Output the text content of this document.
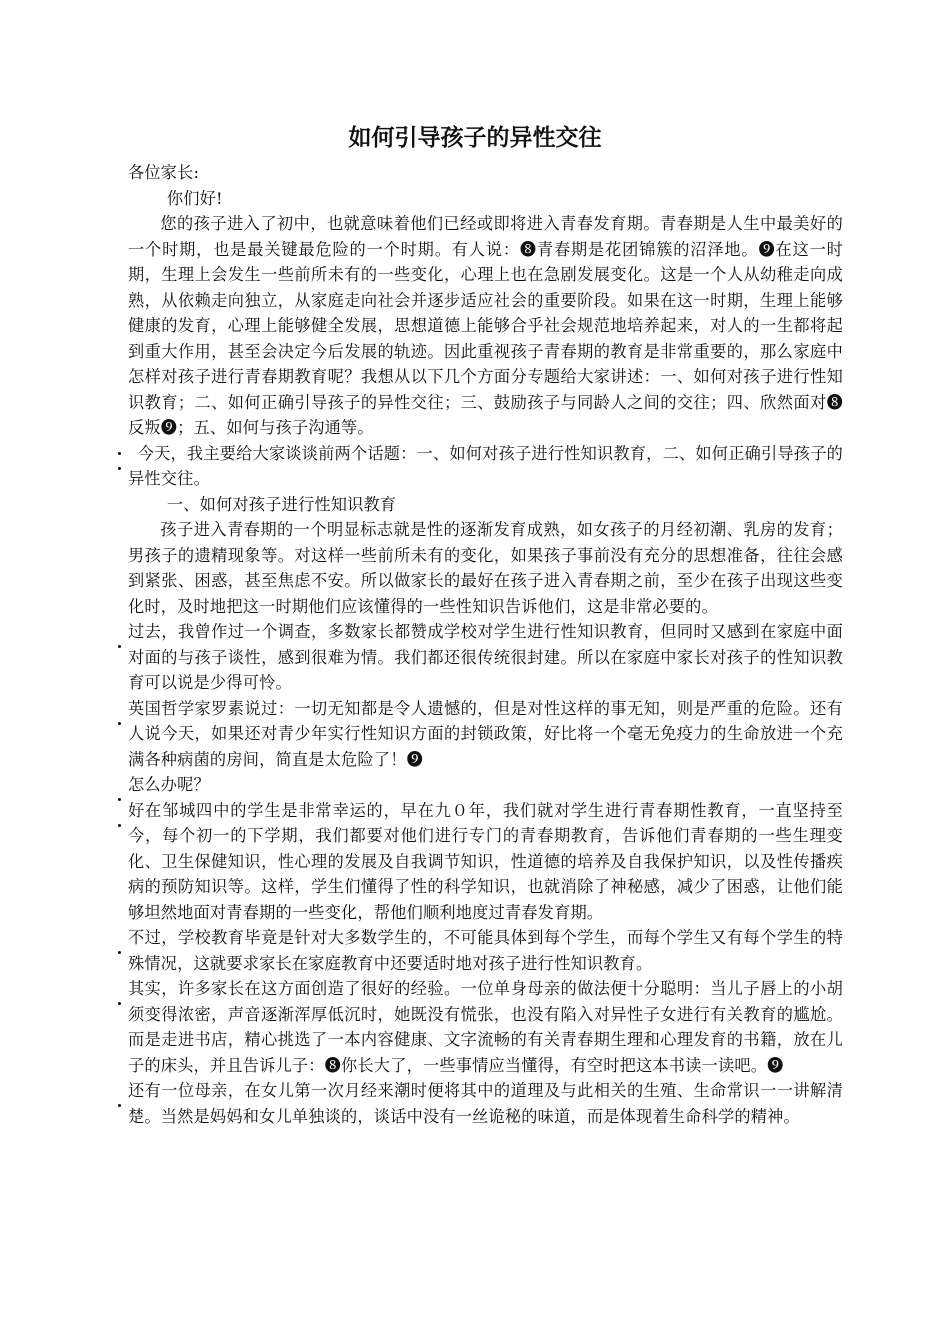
如何引导孩子的异性交往

各位家长:

你们好!

您的孩子进入了初中，也就意味着他们已经或即将进入青春发育期。青春期是人生中最美好的一个时期，也是最关键最危险的一个时期。有人说：❽青春期是花团锦簇的沼泽地。❾在这一时期，生理上会发生一些前所未有的一些变化，心理上也在急剧发展变化。这是一个人从幼稚走向成熟，从依赖走向独立，从家庭走向社会并逐步适应社会的重要阶段。如果在这一时期，生理上能够健康的发育，心理上能够健全发展，思想道德上能够合乎社会规范地培养起来，对人的一生都将起到重大作用，甚至会决定今后发展的轨迹。因此重视孩子青春期的教育是非常重要的，那么家庭中怎样对孩子进行青春期教育呢？我想从以下几个方面分专题给大家讲述：一、如何对孩子进行性知识教育；二、如何正确引导孩子的异性交往；三、鼓励孩子与同龄人之间的交往；四、欣然面对❽反叛❾；五、如何与孩子沟通等。

今天，我主要给大家谈谈前两个话题：一、如何对孩子进行性知识教育，二、如何正确引导孩子的异性交往。

一、如何对孩子进行性知识教育

孩子进入青春期的一个明显标志就是性的逐渐发育成熟，如女孩子的月经初潮、乳房的发育；男孩子的遗精现象等。对这样一些前所未有的变化，如果孩子事前没有充分的思想准备，往往会感到紧张、困惑，甚至焦虑不安。所以做家长的最好在孩子进入青春期之前，至少在孩子出现这些变化时，及时地把这一时期他们应该懂得的一些性知识告诉他们，这是非常必要的。

过去，我曾作过一个调查，多数家长都赞成学校对学生进行性知识教育，但同时又感到在家庭中面对面的与孩子谈性，感到很难为情。我们都还很传统很封建。所以在家庭中家长对孩子的性知识教育可以说是少得可怜。

英国哲学家罗素说过：一切无知都是令人遗憾的，但是对性这样的事无知，则是严重的危险。还有人说今天，如果还对青少年实行性知识方面的封锁政策，好比将一个毫无免疫力的生命放进一个充满各种病菌的房间，简直是太危险了！❾

怎么办呢？

好在邹城四中的学生是非常幸运的，早在九０年，我们就对学生进行青春期性教育，一直坚持至今，每个初一的下学期，我们都要对他们进行专门的青春期教育，告诉他们青春期的一些生理变化、卫生保健知识，性心理的发展及自我调节知识，性道德的培养及自我保护知识，以及性传播疾病的预防知识等。这样，学生们懂得了性的科学知识，也就消除了神秘感，减少了困惑，让他们能够坦然地面对青春期的一些变化，帮他们顺利地度过青春发育期。

不过，学校教育毕竟是针对大多数学生的，不可能具体到每个学生，而每个学生又有每个学生的特殊情况，这就要求家长在家庭教育中还要适时地对孩子进行性知识教育。

其实，许多家长在这方面创造了很好的经验。一位单身母亲的做法便十分聪明：当儿子唇上的小胡须变得浓密，声音逐渐浑厚低沉时，她既没有慌张，也没有陷入对异性子女进行有关教育的尴尬。而是走进书店，精心挑选了一本内容健康、文字流畅的有关青春期生理和心理发育的书籍，放在儿子的床头，并且告诉儿子：❽你长大了，一些事情应当懂得，有空时把这本书读一读吧。❾

还有一位母亲，在女儿第一次月经来潮时便将其中的道理及与此相关的生殖、生命常识一一讲解清楚。当然是妈妈和女儿单独谈的，谈话中没有一丝诡秘的味道，而是体现着生命科学的精神。
